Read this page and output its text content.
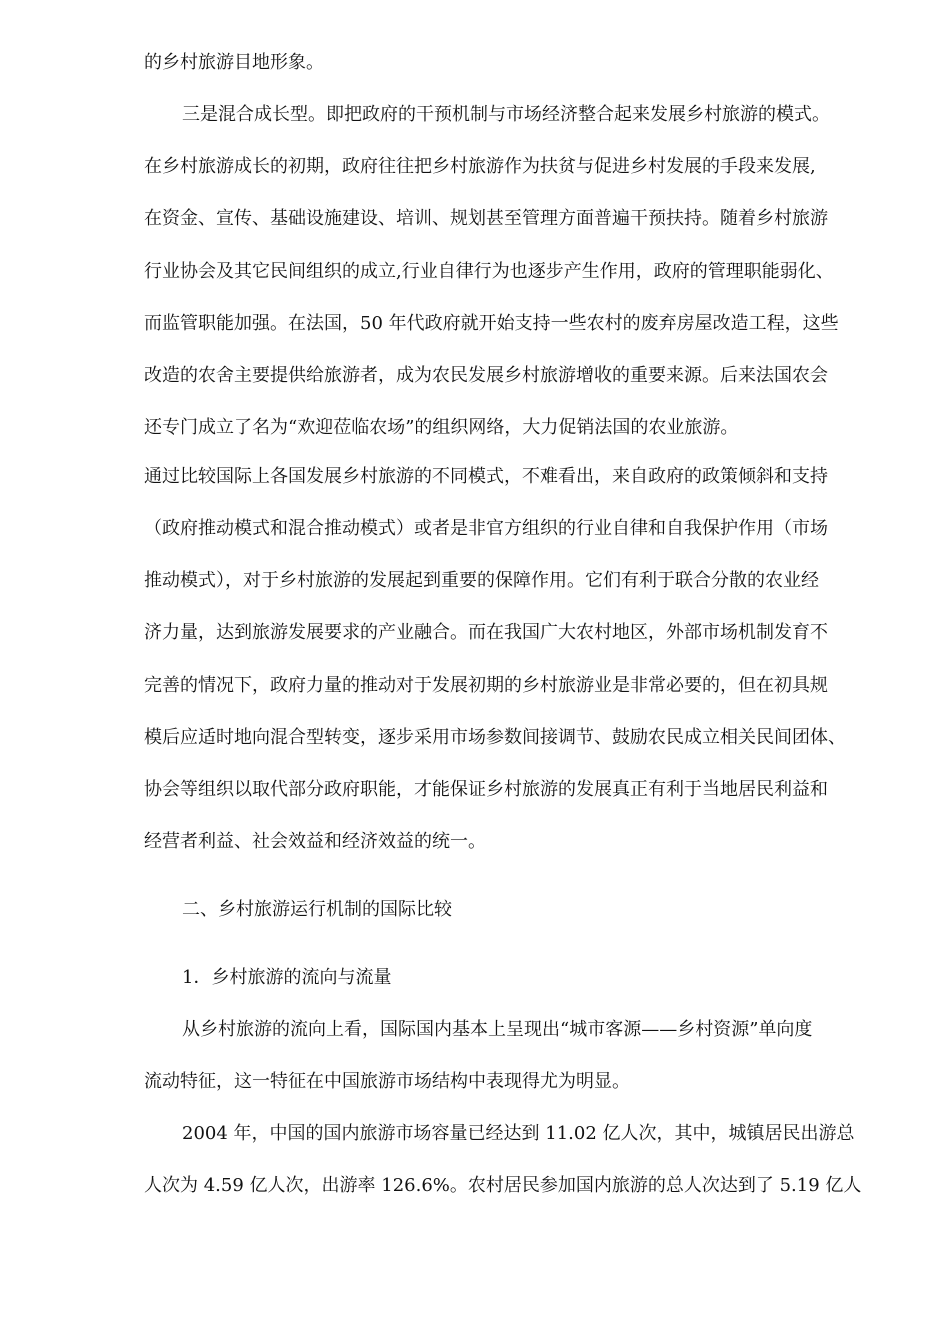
的乡村旅游目地形象。
三是混合成长型。即把政府的干预机制与市场经济整合起来发展乡村旅游的模式。
在乡村旅游成长的初期，政府往往把乡村旅游作为扶贫与促进乡村发展的手段来发展,
在资金、宣传、基础设施建设、培训、规划甚至管理方面普遍干预扶持。随着乡村旅游
行业协会及其它民间组织的成立,行业自律行为也逐步产生作用，政府的管理职能弱化、
而监管职能加强。在法国，50 年代政府就开始支持一些农村的废弃房屋改造工程，这些
改造的农舍主要提供给旅游者，成为农民发展乡村旅游增收的重要来源。后来法国农会
还专门成立了名为“欢迎莅临农场”的组织网络，大力促销法国的农业旅游。
通过比较国际上各国发展乡村旅游的不同模式，不难看出，来自政府的政策倾斜和支持
（政府推动模式和混合推动模式）或者是非官方组织的行业自律和自我保护作用（市场
推动模式），对于乡村旅游的发展起到重要的保障作用。它们有利于联合分散的农业经
济力量，达到旅游发展要求的产业融合。而在我国广大农村地区，外部市场机制发育不
完善的情况下，政府力量的推动对于发展初期的乡村旅游业是非常必要的，但在初具规
模后应适时地向混合型转变，逐步采用市场参数间接调节、鼓励农民成立相关民间团体、
协会等组织以取代部分政府职能，才能保证乡村旅游的发展真正有利于当地居民利益和
经营者利益、社会效益和经济效益的统一。
二、乡村旅游运行机制的国际比较
1．乡村旅游的流向与流量
从乡村旅游的流向上看，国际国内基本上呈现出“城市客源——乡村资源”单向度
流动特征，这一特征在中国旅游市场结构中表现得尤为明显。
2004 年，中国的国内旅游市场容量已经达到 11.02 亿人次，其中，城镇居民出游总
人次为 4.59 亿人次，出游率 126.6%。农村居民参加国内旅游的总人次达到了 5.19 亿人
